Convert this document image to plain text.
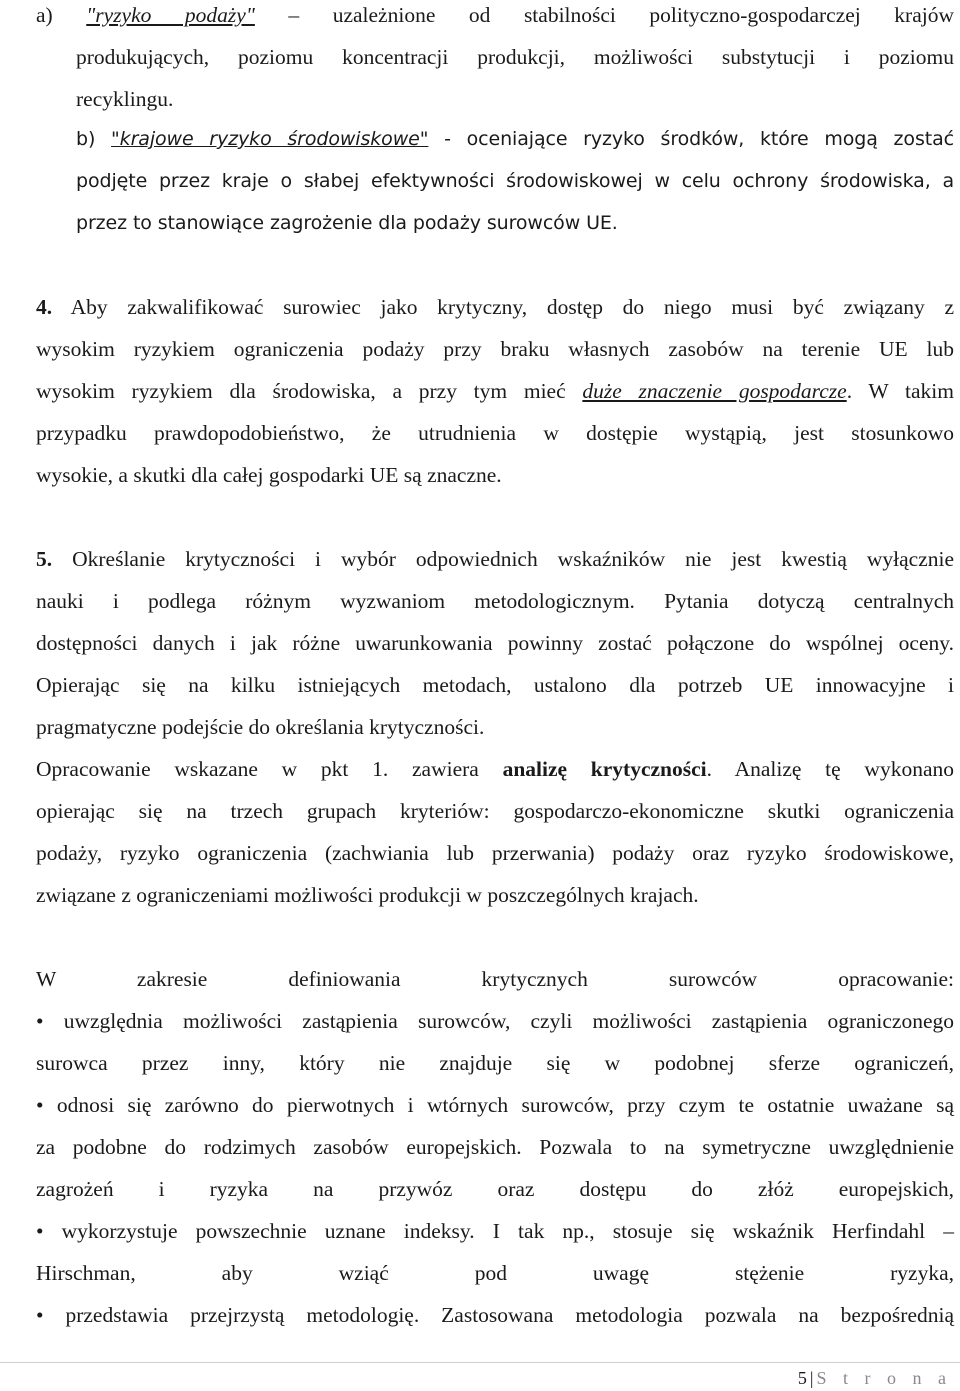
a) "ryzyko podaży" – uzależnione od stabilności polityczno-gospodarczej krajów
produkujących, poziomu koncentracji produkcji, możliwości substytucji i poziomu
recyklingu.
b) "krajowe ryzyko środowiskowe" - oceniające ryzyko środków, które mogą zostać
podjęte przez kraje o słabej efektywności środowiskowej w celu ochrony środowiska, a
przez to stanowiące zagrożenie dla podaży surowców UE.
4. Aby zakwalifikować surowiec jako krytyczny, dostęp do niego musi być związany z
wysokim ryzykiem ograniczenia podaży przy braku własnych zasobów na terenie UE lub
wysokim ryzykiem dla środowiska, a przy tym mieć duże znaczenie gospodarcze. W takim
przypadku prawdopodobieństwo, że utrudnienia w dostępie wystąpią, jest stosunkowo
wysokie, a skutki dla całej gospodarki UE są znaczne.
5. Określanie krytyczności i wybór odpowiednich wskaźników nie jest kwestią wyłącznie
nauki i podlega różnym wyzwaniom metodologicznym. Pytania dotyczą centralnych
dostępności danych i jak różne uwarunkowania powinny zostać połączone do wspólnej oceny.
Opierając się na kilku istniejących metodach, ustalono dla potrzeb UE innowacyjne i
pragmatyczne podejście do określania krytyczności.
Opracowanie wskazane w pkt 1. zawiera analizę krytyczności. Analizę tę wykonano
opierając się na trzech grupach kryteriów: gospodarczo-ekonomiczne skutki ograniczenia
podaży, ryzyko ograniczenia (zachwiania lub przerwania) podaży oraz ryzyko środowiskowe,
związane z ograniczeniami możliwości produkcji w poszczególnych krajach.
W zakresie definiowania krytycznych surowców opracowanie:
• uwzględnia możliwości zastąpienia surowców, czyli możliwości zastąpienia ograniczonego
surowca przez inny, który nie znajduje się w podobnej sferze ograniczeń,
• odnosi się zarówno do pierwotnych i wtórnych surowców, przy czym te ostatnie uważane są
za podobne do rodzimych zasobów europejskich. Pozwala to na symetryczne uwzględnienie
zagrożeń i ryzyka na przywóz oraz dostępu do złóż europejskich,
• wykorzystuje powszechnie uznane indeksy. I tak np., stosuje się wskaźnik Herfindahl –
Hirschman, aby wziąć pod uwagę stężenie ryzyka,
• przedstawia przejrzystą metodologię. Zastosowana metodologia pozwala na bezpośrednią
5 | S t r o n a
